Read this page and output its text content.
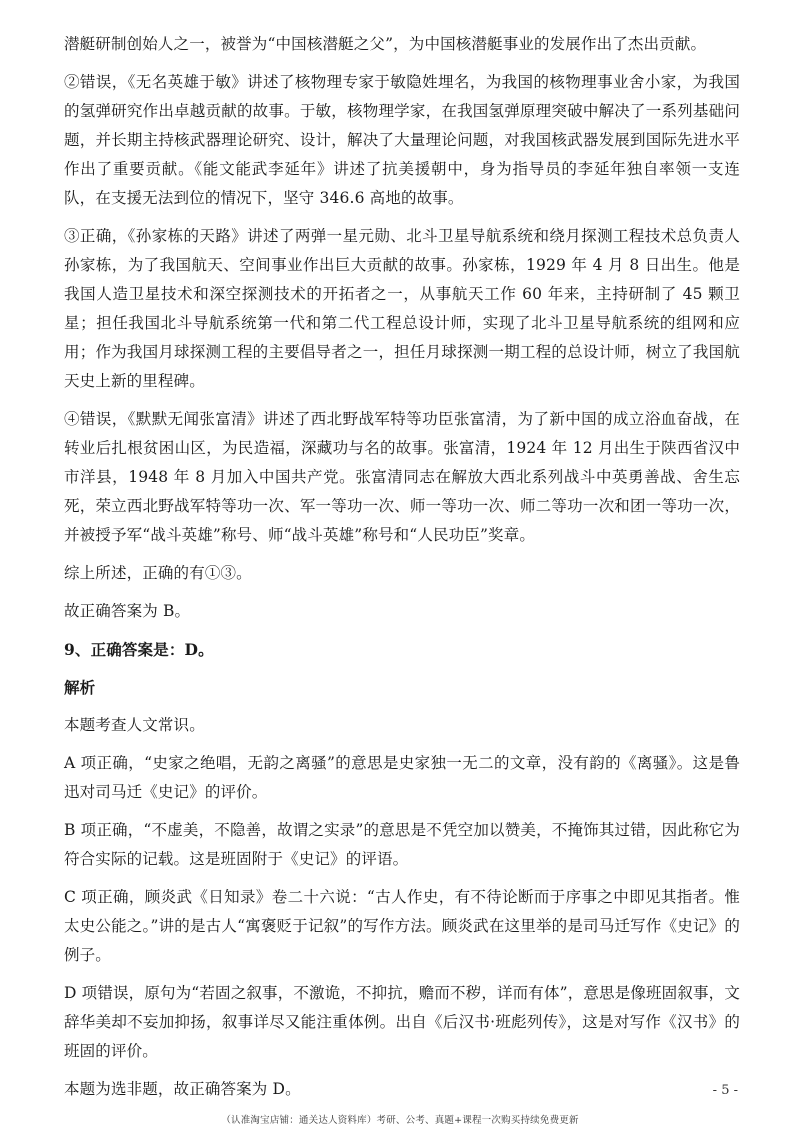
潜艇研制创始人之一，被誉为“中国核潜艇之父”，为中国核潜艇事业的发展作出了杰出贡献。

②错误，《无名英雄于敏》讲述了核物理专家于敏隐姓埋名，为我国的核物理事业舍小家，为我国的氢弹研究作出卓越贡献的故事。于敏，核物理学家，在我国氢弹原理突破中解决了一系列基础问题，并长期主持核武器理论研究、设计，解决了大量理论问题，对我国核武器发展到国际先进水平作出了重要贡献。《能文能武李延年》讲述了抗美援朝中，身为指导员的李延年独自率领一支连队，在支援无法到位的情况下，坚守 346.6 高地的故事。

③正确，《孙家栋的天路》讲述了两弹一星元勋、北斗卫星导航系统和绕月探测工程技术总负责人孙家栋，为了我国航天、空间事业作出巨大贡献的故事。孙家栋，1929 年 4 月 8 日出生。他是我国人造卫星技术和深空探测技术的开拓者之一，从事航天工作 60 年来，主持研制了 45 颗卫星；担任我国北斗导航系统第一代和第二代工程总设计师，实现了北斗卫星导航系统的组网和应用；作为我国月球探测工程的主要倡导者之一，担任月球探测一期工程的总设计师，树立了我国航天史上新的里程碑。

④错误，《默默无闻张富清》讲述了西北野战军特等功臣张富清，为了新中国的成立浴血奋战，在转业后扎根贫困山区，为民造福，深藏功与名的故事。张富清，1924 年 12 月出生于陕西省汉中市洋县，1948 年 8 月加入中国共产党。张富清同志在解放大西北系列战斗中英勇善战、舍生忘死，荣立西北野战军特等功一次、军一等功一次、师一等功一次、师二等功一次和团一等功一次，并被授予军“战斗英雄”称号、师“战斗英雄”称号和“人民功臣”奖章。

综上所述，正确的有①③。

故正确答案为 B。

9、正确答案是：D。

解析

本题考查人文常识。

A 项正确，“史家之绝唱，无韵之离骚”的意思是史家独一无二的文章，没有韵的《离骚》。这是鲁迅对司马迁《史记》的评价。

B 项正确，“不虚美，不隐善，故谓之实录”的意思是不凭空加以赞美，不掩饰其过错，因此称它为符合实际的记载。这是班固附于《史记》的评语。

C 项正确，顾炎武《日知录》卷二十六说：“古人作史，有不待论断而于序事之中即见其指者。惟太史公能之。”讲的是古人“寓褒贬于记叙”的写作方法。顾炎武在这里举的是司马迁写作《史记》的例子。

D 项错误，原句为“若固之叙事，不激诡，不抑抗，赡而不秽，详而有体”，意思是像班固叙事，文辞华美却不妄加抑扬，叙事详尽又能注重体例。出自《后汉书·班彪列传》，这是对写作《汉书》的班固的评价。

本题为选非题，故正确答案为 D。	- 5 -
（认准淘宝店铺：通关达人资料库）考研、公考、真题+课程一次购买持续免费更新
